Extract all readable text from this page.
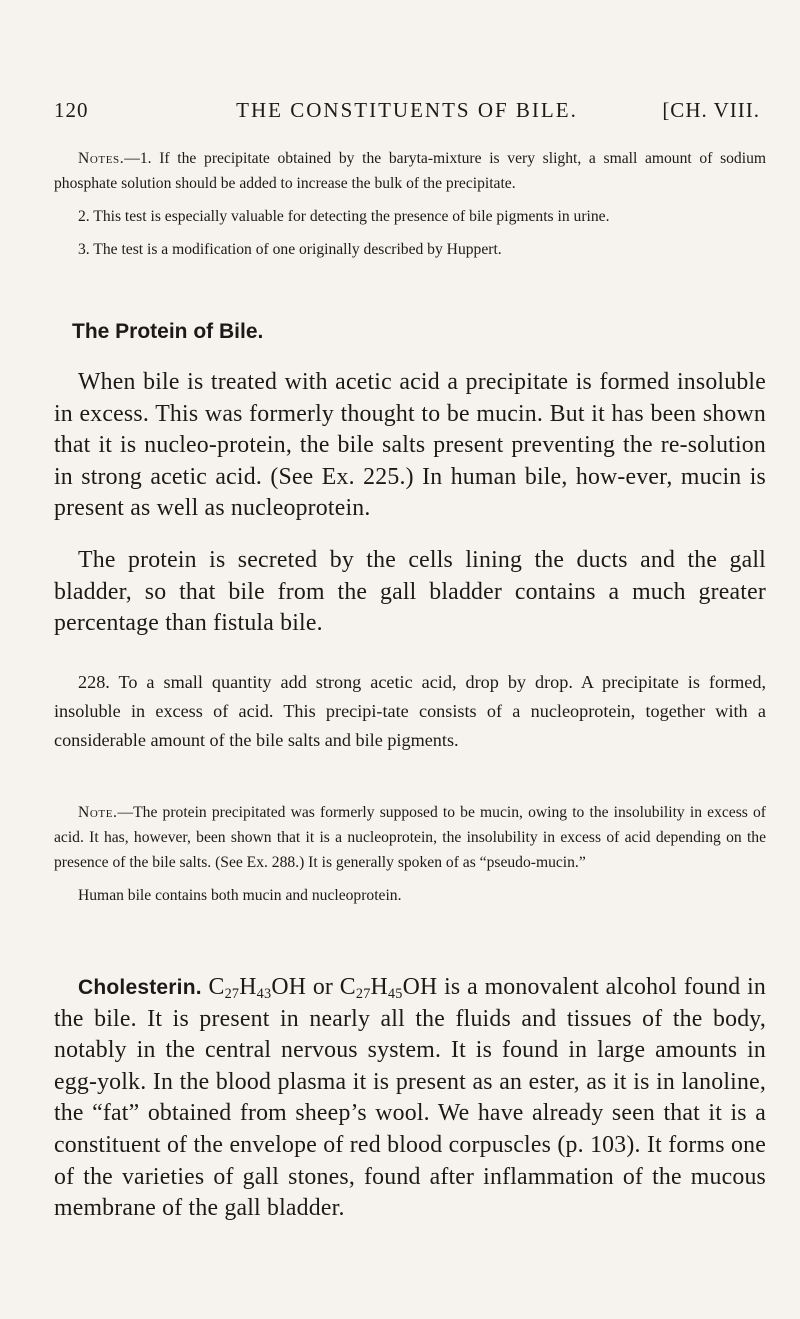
120	THE CONSTITUENTS OF BILE.	[CH. VIII.

Notes.—1. If the precipitate obtained by the baryta-mixture is very slight, a small amount of sodium phosphate solution should be added to increase the bulk of the precipitate.

2. This test is especially valuable for detecting the presence of bile pigments in urine.

3. The test is a modification of one originally described by Huppert.

The Protein of Bile.

When bile is treated with acetic acid a precipitate is formed insoluble in excess. This was formerly thought to be mucin. But it has been shown that it is nucleo-protein, the bile salts present preventing the re-solution in strong acetic acid. (See Ex. 225.) In human bile, how-ever, mucin is present as well as nucleoprotein.

The protein is secreted by the cells lining the ducts and the gall bladder, so that bile from the gall bladder contains a much greater percentage than fistula bile.

228. To a small quantity add strong acetic acid, drop by drop. A precipitate is formed, insoluble in excess of acid. This precipi-tate consists of a nucleoprotein, together with a considerable amount of the bile salts and bile pigments.

Note.—The protein precipitated was formerly supposed to be mucin, owing to the insolubility in excess of acid. It has, however, been shown that it is a nucleoprotein, the insolubility in excess of acid depending on the presence of the bile salts. (See Ex. 288.) It is generally spoken of as “pseudo-mucin.”

Human bile contains both mucin and nucleoprotein.

Cholesterin. $C_{27}H_{43}OH$ or $C_{27}H_{45}OH$ is a monovalent alcohol found in the bile. It is present in nearly all the fluids and tissues of the body, notably in the central nervous system. It is found in large amounts in egg-yolk. In the blood plasma it is present as an ester, as it is in lanoline, the “fat” obtained from sheep’s wool. We have already seen that it is a constituent of the envelope of red blood corpuscles (p. 103). It forms one of the varieties of gall stones, found after inflammation of the mucous membrane of the gall bladder.
